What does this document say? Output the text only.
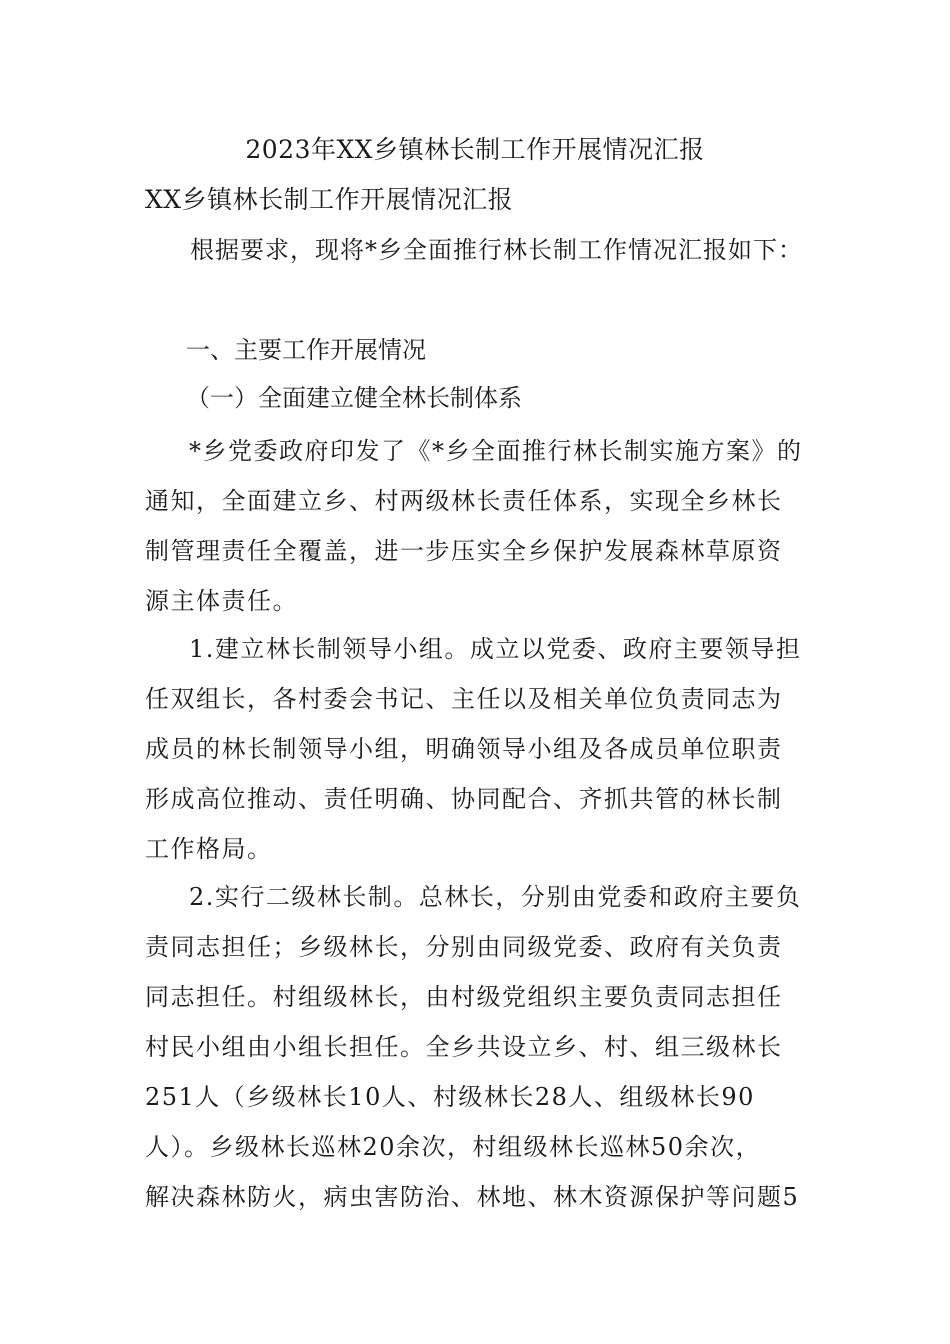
2023年XX乡镇林长制工作开展情况汇报
XX乡镇林长制工作开展情况汇报
根据要求，现将*乡全面推行林长制工作情况汇报如下：
一、主要工作开展情况
（一）全面建立健全林长制体系
*乡党委政府印发了《*乡全面推行林长制实施方案》的
通知，全面建立乡、村两级林长责任体系，实现全乡林长
制管理责任全覆盖，进一步压实全乡保护发展森林草原资
源主体责任。
1.建立林长制领导小组。成立以党委、政府主要领导担
任双组长，各村委会书记、主任以及相关单位负责同志为
成员的林长制领导小组，明确领导小组及各成员单位职责
形成高位推动、责任明确、协同配合、齐抓共管的林长制
工作格局。
2.实行二级林长制。总林长，分别由党委和政府主要负
责同志担任；乡级林长，分别由同级党委、政府有关负责
同志担任。村组级林长，由村级党组织主要负责同志担任
村民小组由小组长担任。全乡共设立乡、村、组三级林长
251人（乡级林长10人、村级林长28人、组级林长90
人）。乡级林长巡林20余次，村组级林长巡林50余次，
解决森林防火，病虫害防治、林地、林木资源保护等问题5
